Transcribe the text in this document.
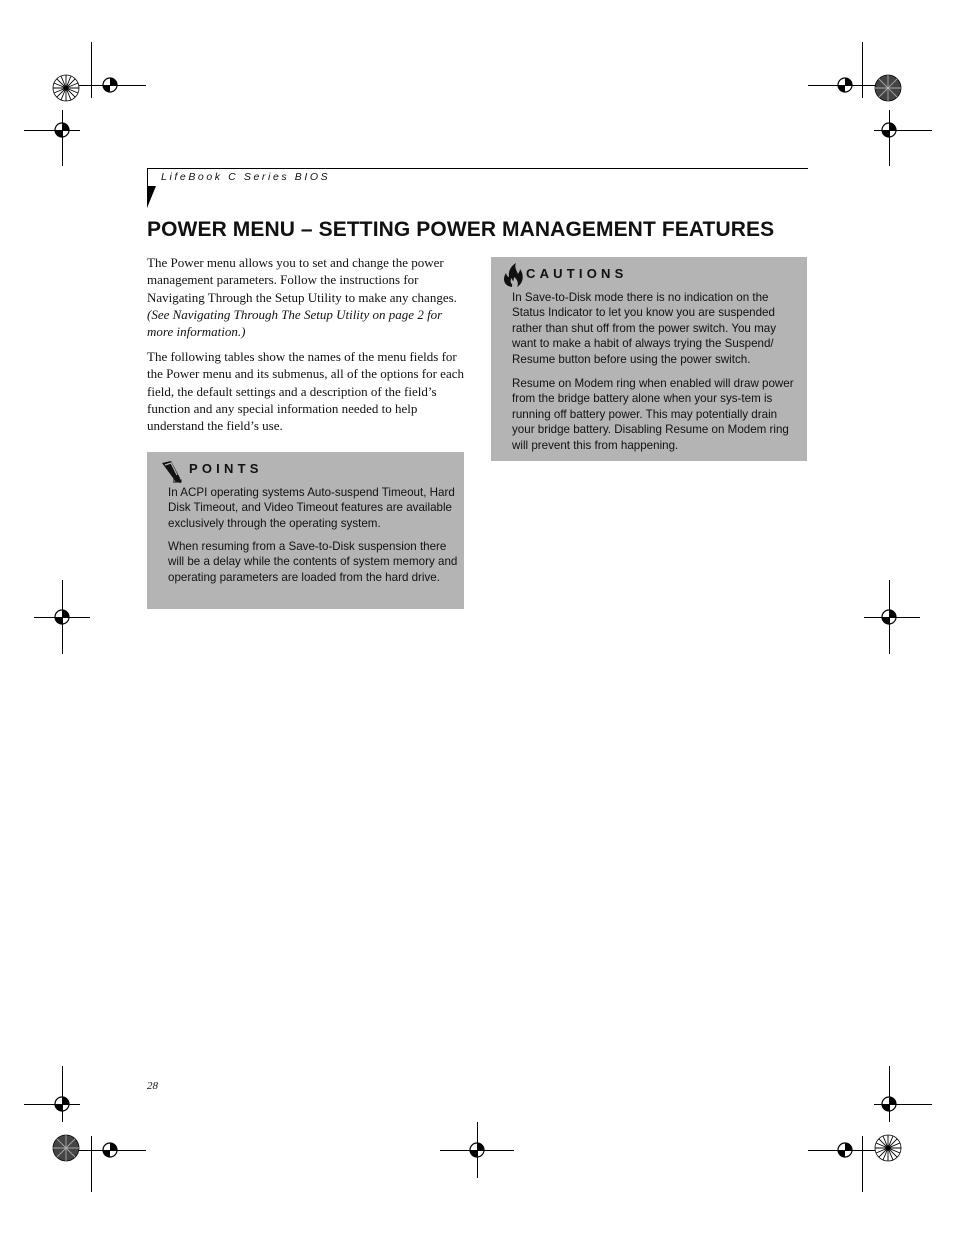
LifeBook C Series BIOS
POWER MENU – SETTING POWER MANAGEMENT FEATURES

The Power menu allows you to set and change the power management parameters. Follow the instructions for Navigating Through the Setup Utility to make any changes. (See Navigating Through The Setup Utility on page 2 for more information.)

The following tables show the names of the menu fields for the Power menu and its submenus, all of the options for each field, the default settings and a description of the field’s function and any special information needed to help understand the field’s use.

POINTS

In ACPI operating systems Auto-suspend Timeout, Hard Disk Timeout, and Video Timeout features are available exclusively through the operating system.

When resuming from a Save-to-Disk suspension there will be a delay while the contents of system memory and operating parameters are loaded from the hard drive.

CAUTIONS

In Save-to-Disk mode there is no indication on the Status Indicator to let you know you are suspended rather than shut off from the power switch. You may want to make a habit of always trying the Suspend/ Resume button before using the power switch.

Resume on Modem ring when enabled will draw power from the bridge battery alone when your sys-tem is running off battery power. This may potentially drain your bridge battery. Disabling Resume on Modem ring will prevent this from happening.

28
